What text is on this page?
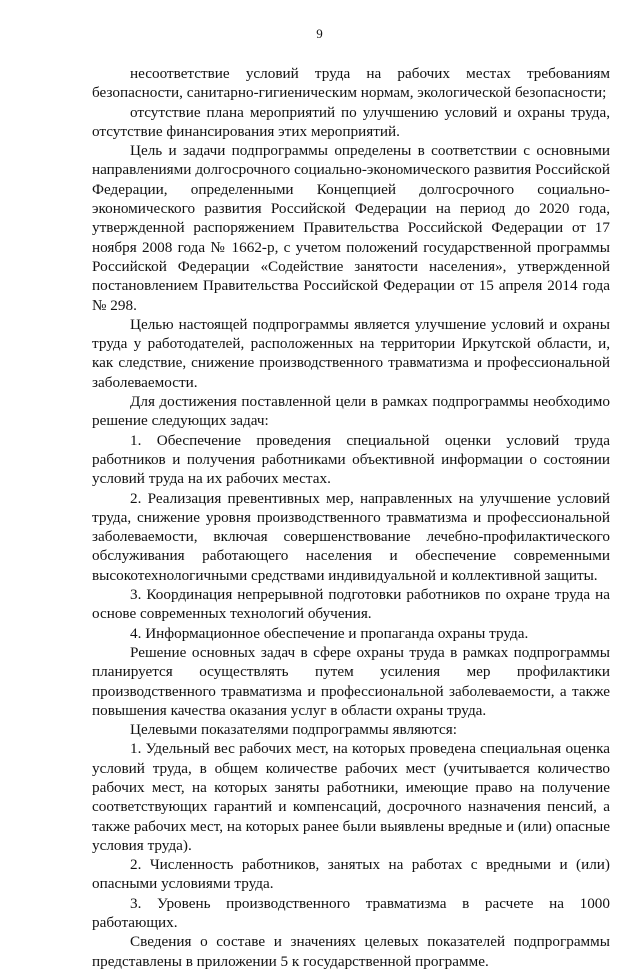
9

несоответствие условий труда на рабочих местах требованиям безопасности, санитарно-гигиеническим нормам, экологической безопасности;

отсутствие плана мероприятий по улучшению условий и охраны труда, отсутствие финансирования этих мероприятий.

Цель и задачи подпрограммы определены в соответствии с основными направлениями долгосрочного социально-экономического развития Российской Федерации, определенными Концепцией долгосрочного социально-экономического развития Российской Федерации на период до 2020 года, утвержденной распоряжением Правительства Российской Федерации от 17 ноября 2008 года № 1662-р, с учетом положений государственной программы Российской Федерации «Содействие занятости населения», утвержденной постановлением Правительства Российской Федерации от 15 апреля 2014 года № 298.

Целью настоящей подпрограммы является улучшение условий и охраны труда у работодателей, расположенных на территории Иркутской области, и, как следствие, снижение производственного травматизма и профессиональной заболеваемости.

Для достижения поставленной цели в рамках подпрограммы необходимо решение следующих задач:

1. Обеспечение проведения специальной оценки условий труда работников и получения работниками объективной информации о состоянии условий труда на их рабочих местах.

2. Реализация превентивных мер, направленных на улучшение условий труда, снижение уровня производственного травматизма и профессиональной заболеваемости, включая совершенствование лечебно-профилактического обслуживания работающего населения и обеспечение современными высокотехнологичными средствами индивидуальной и коллективной защиты.

3. Координация непрерывной подготовки работников по охране труда на основе современных технологий обучения.

4. Информационное обеспечение и пропаганда охраны труда.

Решение основных задач в сфере охраны труда в рамках подпрограммы планируется осуществлять путем усиления мер профилактики производственного травматизма и профессиональной заболеваемости, а также повышения качества оказания услуг в области охраны труда.

Целевыми показателями подпрограммы являются:

1. Удельный вес рабочих мест, на которых проведена специальная оценка условий труда, в общем количестве рабочих мест (учитывается количество рабочих мест, на которых заняты работники, имеющие право на получение соответствующих гарантий и компенсаций, досрочного назначения пенсий, а также рабочих мест, на которых ранее были выявлены вредные и (или) опасные условия труда).

2. Численность работников, занятых на работах с вредными и (или) опасными условиями труда.

3. Уровень производственного травматизма в расчете на 1000 работающих.

Сведения о составе и значениях целевых показателей подпрограммы представлены в приложении 5 к государственной программе.
